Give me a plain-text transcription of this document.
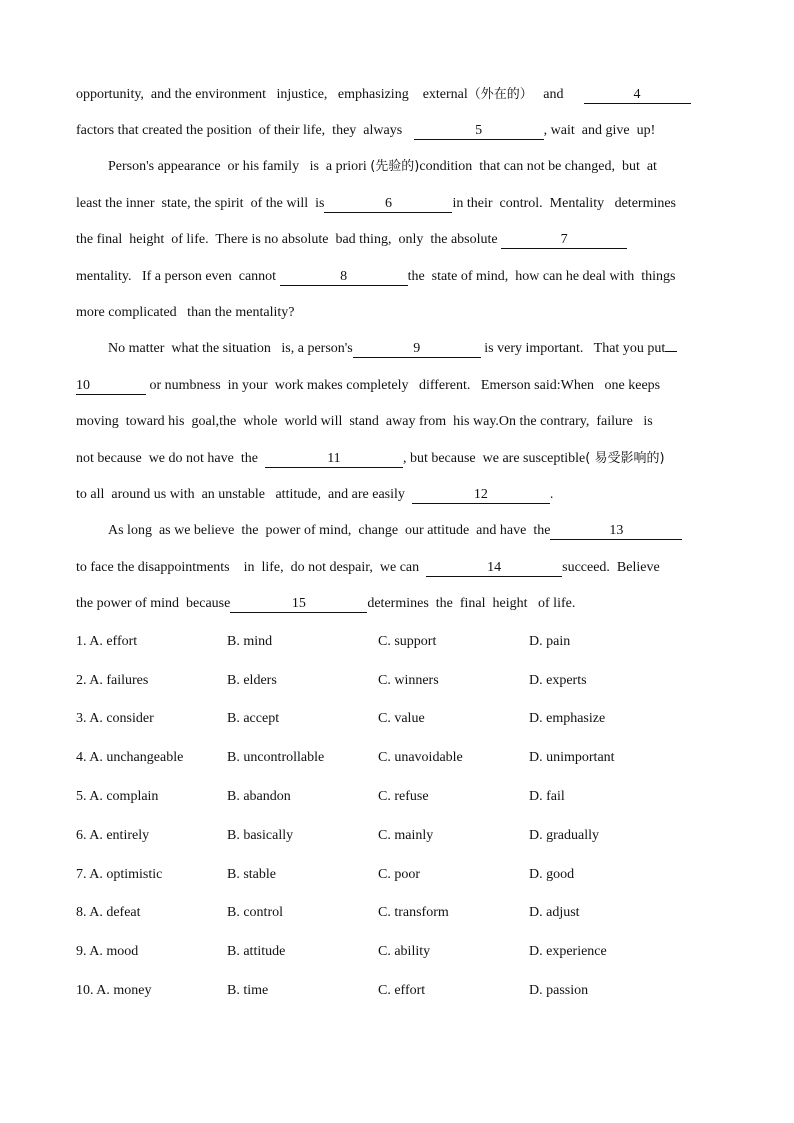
opportunity,  and the environment   injustice,   emphasizing    external（外在的）   and	4
factors that created the position  of their life,  they  always	5	, wait  and give  up!
Person's appearance  or his family   is  a priori (先验的)condition  that can not be changed,  but  at
least the inner  state, the spirit  of the will  is	6	in their  control.  Mentality   determines
the final  height  of life.  There is no absolute  bad thing,  only  the absolute	7
mentality.   If a person even  cannot	8	the  state of mind,  how can he deal with  things
more complicated   than the mentality?
No matter  what the situation   is, a person's	9	is very important.   That you put
10	or numbness  in your  work makes completely   different.   Emerson said:When   one keeps
moving  toward his  goal,the  whole  world will  stand  away from  his way.On the contrary,  failure   is
not because  we do not have  the	11	, but because  we are susceptible( 易受影响的)
to all  around us with  an unstable   attitude,  and are easily	12	.
As long  as we believe  the  power of mind,  change  our attitude  and have  the	13
to face the disappointments    in  life,  do not despair,  we can	14	succeed.  Believe
the power of mind  because	15	determines  the  final  height   of life.
1. A. effort	B. mind	C. support	D. pain
2. A. failures	B. elders	C. winners	D. experts
3. A. consider	B. accept	C. value	D. emphasize
4. A. unchangeable	B. uncontrollable	C. unavoidable	D. unimportant
5. A. complain	B. abandon	C. refuse	D. fail
6. A. entirely	B. basically	C. mainly	D. gradually
7. A. optimistic	B. stable	C. poor	D. good
8. A. defeat	B. control	C. transform	D. adjust
9. A. mood	B. attitude	C. ability	D. experience
10. A. money	B. time	C. effort	D. passion
